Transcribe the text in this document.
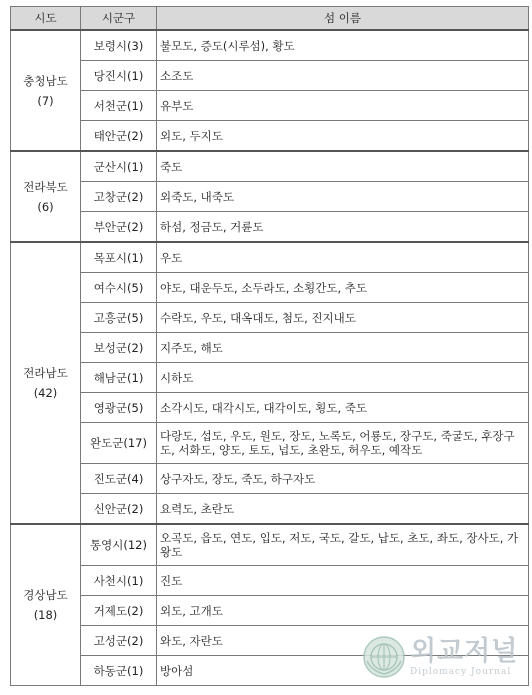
시도	시군구	섬 이름

충청남도
(7)	보령시(3)	불모도, 증도(시루섬), 황도
	당진시(1)	소조도
	서천군(1)	유부도
	태안군(2)	외도, 두지도

전라북도
(6)	군산시(1)	죽도
	고창군(2)	외죽도, 내죽도
	부안군(2)	하섬, 정금도, 거륜도

전라남도
(42)	목포시(1)	우도
	여수시(5)	야도, 대운두도, 소두라도, 소횡간도, 추도
	고흥군(5)	수락도, 우도, 대옥대도, 첨도, 진지내도
	보성군(2)	지주도, 해도
	해남군(1)	시하도
	영광군(5)	소각시도, 대각시도, 대각이도, 횡도, 죽도
	완도군(17)	다랑도, 섭도, 우도, 원도, 장도, 노록도, 어룡도, 장구도, 죽굴도, 후장구도, 서화도, 양도, 토도, 넙도, 초완도, 허우도, 예작도
	진도군(4)	상구자도, 장도, 죽도, 하구자도
	신안군(2)	요력도, 초란도

경상남도
(18)	통영시(12)	오곡도, 읍도, 연도, 입도, 저도, 국도, 갈도, 납도, 초도, 좌도, 장사도, 가왕도
	사천시(1)	진도
	거제도(2)	외도, 고개도
	고성군(2)	와도, 자란도
	하동군(1)	방아섬
외교저널
Diplomacy Journal
